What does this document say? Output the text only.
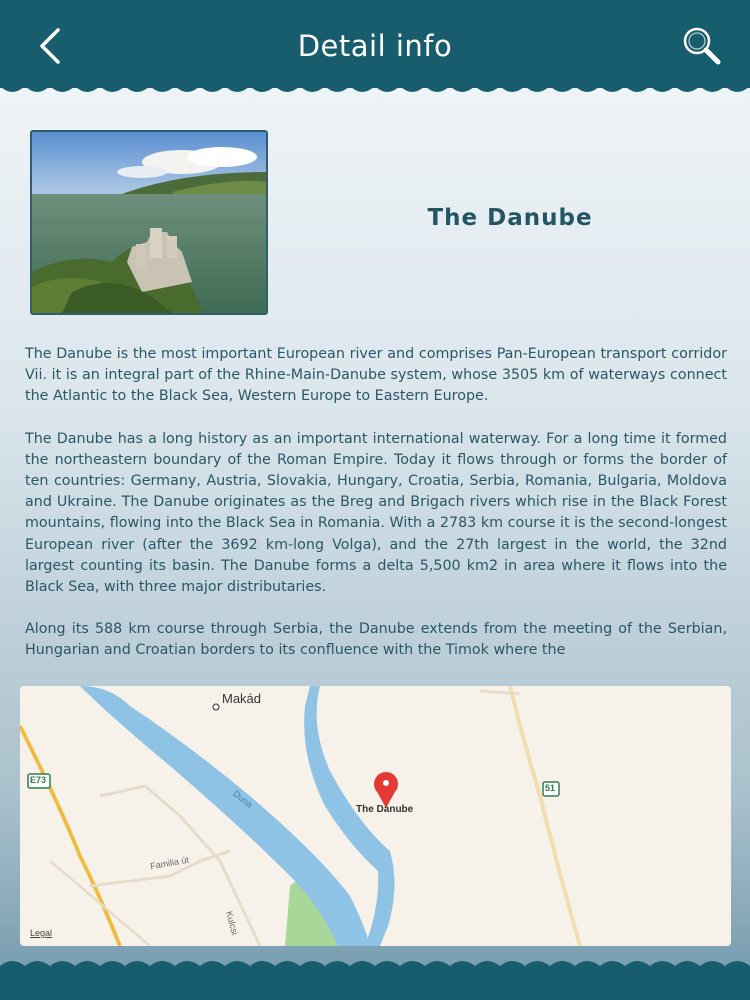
Detail info
The Danube

The Danube is the most important European river and comprises Pan-European transport corridor Vii. it is an integral part of the Rhine-Main-Danube system, whose 3505 km of waterways connect the Atlantic to the Black Sea, Western Europe to Eastern Europe.

The Danube has a long history as an important international waterway. For a long time it formed the northeastern boundary of the Roman Empire. Today it flows through or forms the border of ten countries: Germany, Austria, Slovakia, Hungary, Croatia, Serbia, Romania, Bulgaria, Moldova and Ukraine. The Danube originates as the Breg and Brigach rivers which rise in the Black Forest mountains, flowing into the Black Sea in Romania. With a 2783 km course it is the second-longest European river (after the 3692 km-long Volga), and the 27th largest in the world, the 32nd largest counting its basin. The Danube forms a delta 5,500 km2 in area where it flows into the Black Sea, with three major distributaries.

Along its 588 km course through Serbia, the Danube extends from the meeting of the Serbian, Hungarian and Croatian borders to its confluence with the Timok where the

Makád
The Danube
Duna
E73
51
Familia út
Kulcsi
Legal
